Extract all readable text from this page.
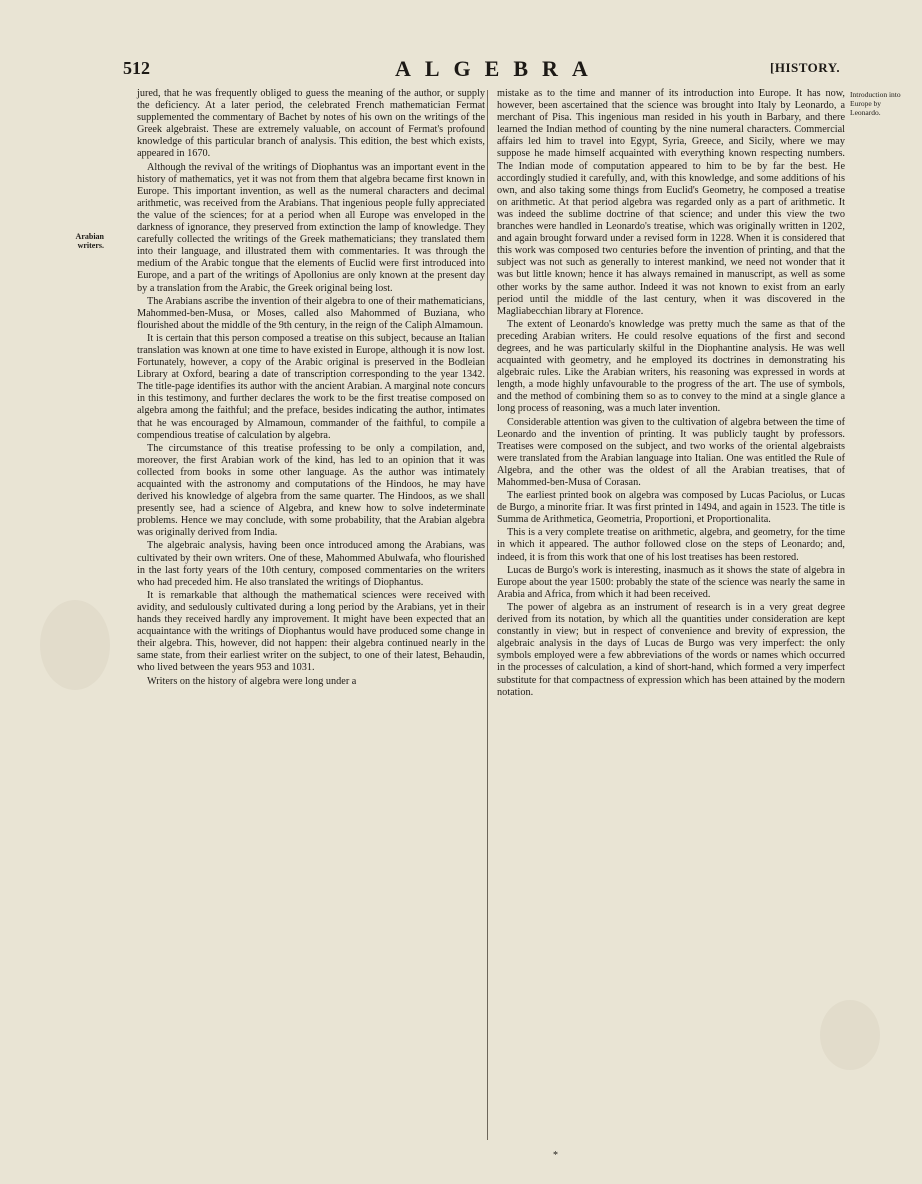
512	ALGEBRA	[HISTORY.
Arabian writers.
Introduction into Europe by Leonardo.

jured, that he was frequently obliged to guess the meaning of the author, or supply the deficiency. At a later period, the celebrated French mathematician Fermat supplemented the commentary of Bachet by notes of his own on the writings of the Greek algebraist. These are extremely valuable, on account of Fermat's profound knowledge of this particular branch of analysis. This edition, the best which exists, appeared in 1670.

Although the revival of the writings of Diophantus was an important event in the history of mathematics, yet it was not from them that algebra became first known in Europe. This important invention, as well as the numeral characters and decimal arithmetic, was received from the Arabians. That ingenious people fully appreciated the value of the sciences; for at a period when all Europe was enveloped in the darkness of ignorance, they preserved from extinction the lamp of knowledge. They carefully collected the writings of the Greek mathematicians; they translated them into their language, and illustrated them with commentaries. It was through the medium of the Arabic tongue that the elements of Euclid were first introduced into Europe, and a part of the writings of Apollonius are only known at the present day by a translation from the Arabic, the Greek original being lost.

The Arabians ascribe the invention of their algebra to one of their mathematicians, Mahommed-ben-Musa, or Moses, called also Mahommed of Buziana, who flourished about the middle of the 9th century, in the reign of the Caliph Almamoun.

It is certain that this person composed a treatise on this subject, because an Italian translation was known at one time to have existed in Europe, although it is now lost. Fortunately, however, a copy of the Arabic original is preserved in the Bodleian Library at Oxford, bearing a date of transcription corresponding to the year 1342. The title-page identifies its author with the ancient Arabian. A marginal note concurs in this testimony, and further declares the work to be the first treatise composed on algebra among the faithful; and the preface, besides indicating the author, intimates that he was encouraged by Almamoun, commander of the faithful, to compile a compendious treatise of calculation by algebra.

The circumstance of this treatise professing to be only a compilation, and, moreover, the first Arabian work of the kind, has led to an opinion that it was collected from books in some other language. As the author was intimately acquainted with the astronomy and computations of the Hindoos, he may have derived his knowledge of algebra from the same quarter. The Hindoos, as we shall presently see, had a science of Algebra, and knew how to solve indeterminate problems. Hence we may conclude, with some probability, that the Arabian algebra was originally derived from India.

The algebraic analysis, having been once introduced among the Arabians, was cultivated by their own writers. One of these, Mahommed Abulwafa, who flourished in the last forty years of the 10th century, composed commentaries on the writers who had preceded him. He also translated the writings of Diophantus.

It is remarkable that although the mathematical sciences were received with avidity, and sedulously cultivated during a long period by the Arabians, yet in their hands they received hardly any improvement. It might have been expected that an acquaintance with the writings of Diophantus would have produced some change in their algebra. This, however, did not happen: their algebra continued nearly in the same state, from their earliest writer on the subject, to one of their latest, Behaudin, who lived between the years 953 and 1031.

Writers on the history of algebra were long under a

mistake as to the time and manner of its introduction into Europe. It has now, however, been ascertained that the science was brought into Italy by Leonardo, a merchant of Pisa. This ingenious man resided in his youth in Barbary, and there learned the Indian method of counting by the nine numeral characters. Commercial affairs led him to travel into Egypt, Syria, Greece, and Sicily, where we may suppose he made himself acquainted with everything known respecting numbers. The Indian mode of computation appeared to him to be by far the best. He accordingly studied it carefully, and, with this knowledge, and some additions of his own, and also taking some things from Euclid's Geometry, he composed a treatise on arithmetic. At that period algebra was regarded only as a part of arithmetic. It was indeed the sublime doctrine of that science; and under this view the two branches were handled in Leonardo's treatise, which was originally written in 1202, and again brought forward under a revised form in 1228. When it is considered that this work was composed two centuries before the invention of printing, and that the subject was not such as generally to interest mankind, we need not wonder that it was but little known; hence it has always remained in manuscript, as well as some other works by the same author. Indeed it was not known to exist from an early period until the middle of the last century, when it was discovered in the Magliabecchian library at Florence.

The extent of Leonardo's knowledge was pretty much the same as that of the preceding Arabian writers. He could resolve equations of the first and second degrees, and he was particularly skilful in the Diophantine analysis. He was well acquainted with geometry, and he employed its doctrines in demonstrating his algebraic rules. Like the Arabian writers, his reasoning was expressed in words at length, a mode highly unfavourable to the progress of the art. The use of symbols, and the method of combining them so as to convey to the mind at a single glance a long process of reasoning, was a much later invention.

Considerable attention was given to the cultivation of algebra between the time of Leonardo and the invention of printing. It was publicly taught by professors. Treatises were composed on the subject, and two works of the oriental algebraists were translated from the Arabian language into Italian. One was entitled the Rule of Algebra, and the other was the oldest of all the Arabian treatises, that of Mahommed-ben-Musa of Corasan.

The earliest printed book on algebra was composed by Lucas Paciolus, or Lucas de Burgo, a minorite friar. It was first printed in 1494, and again in 1523. The title is Summa de Arithmetica, Geometria, Proportioni, et Proportionalita.

This is a very complete treatise on arithmetic, algebra, and geometry, for the time in which it appeared. The author followed close on the steps of Leonardo; and, indeed, it is from this work that one of his lost treatises has been restored.

Lucas de Burgo's work is interesting, inasmuch as it shows the state of algebra in Europe about the year 1500: probably the state of the science was nearly the same in Arabia and Africa, from which it had been received.

The power of algebra as an instrument of research is in a very great degree derived from its notation, by which all the quantities under consideration are kept constantly in view; but in respect of convenience and brevity of expression, the algebraic analysis in the days of Lucas de Burgo was very imperfect: the only symbols employed were a few abbreviations of the words or names which occurred in the processes of calculation, a kind of short-hand, which formed a very imperfect substitute for that compactness of expression which has been attained by the modern notation.

*
